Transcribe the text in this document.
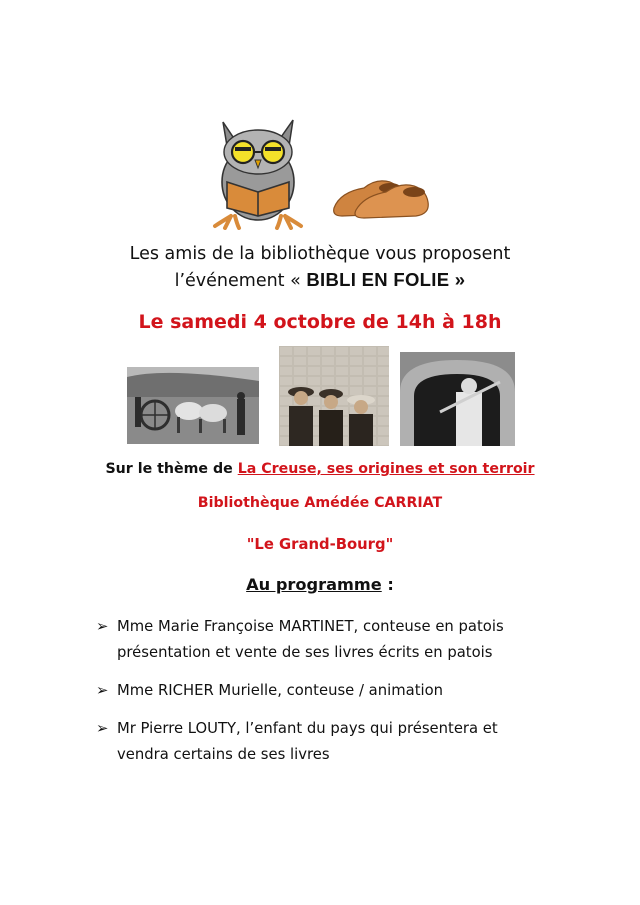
Les amis de la bibliothèque vous proposent
l’événement « BIBLI EN FOLIE »
Le samedi 4 octobre de 14h à 18h
Sur le thème de La Creuse, ses origines et son terroir
Bibliothèque Amédée CARRIAT
"Le Grand-Bourg"
Au programme :
➢ Mme Marie Françoise MARTINET, conteuse en patois
présentation et vente de ses livres écrits en patois
➢ Mme RICHER Murielle, conteuse / animation
➢ Mr Pierre LOUTY, l’enfant du pays qui présentera et
vendra certains de ses livres
